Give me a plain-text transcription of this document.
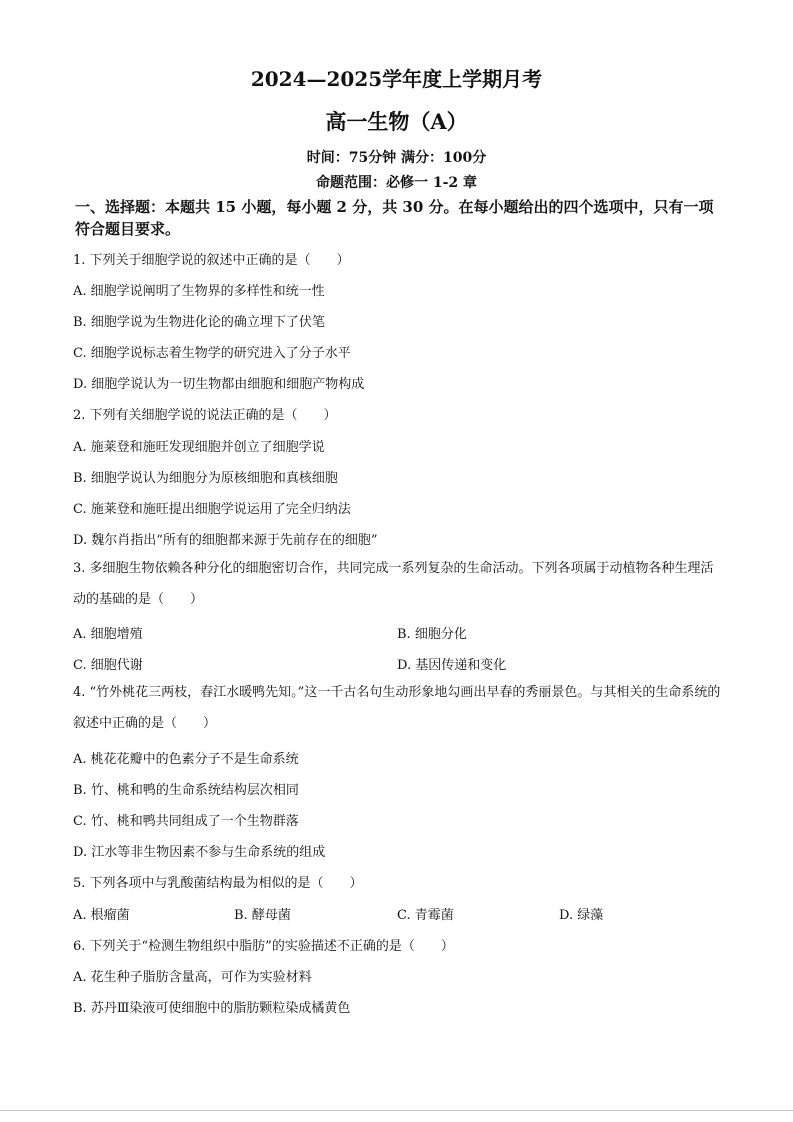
2024—2025学年度上学期月考
高一生物（A）
时间：75分钟 满分：100分
命题范围：必修一 1-2 章
一、选择题：本题共 15 小题，每小题 2 分，共 30 分。在每小题给出的四个选项中，只有一项符合题目要求。
1. 下列关于细胞学说的叙述中正确的是（　　）
A. 细胞学说阐明了生物界的多样性和统一性
B. 细胞学说为生物进化论的确立埋下了伏笔
C. 细胞学说标志着生物学的研究进入了分子水平
D. 细胞学说认为一切生物都由细胞和细胞产物构成
2. 下列有关细胞学说的说法正确的是（　　）
A. 施莱登和施旺发现细胞并创立了细胞学说
B. 细胞学说认为细胞分为原核细胞和真核细胞
C. 施莱登和施旺提出细胞学说运用了完全归纳法
D. 魏尔肖指出“所有的细胞都来源于先前存在的细胞”
3. 多细胞生物依赖各种分化的细胞密切合作，共同完成一系列复杂的生命活动。下列各项属于动植物各种生理活动的基础的是（　　）
A. 细胞增殖	B. 细胞分化
C. 细胞代谢	D. 基因传递和变化
4. “竹外桃花三两枝，春江水暖鸭先知。”这一千古名句生动形象地勾画出早春的秀丽景色。与其相关的生命系统的叙述中正确的是（　　）
A. 桃花花瓣中的色素分子不是生命系统
B. 竹、桃和鸭的生命系统结构层次相同
C. 竹、桃和鸭共同组成了一个生物群落
D. 江水等非生物因素不参与生命系统的组成
5. 下列各项中与乳酸菌结构最为相似的是（　　）
A. 根瘤菌	B. 酵母菌	C. 青霉菌	D. 绿藻
6. 下列关于“检测生物组织中脂肪”的实验描述不正确的是（　　）
A. 花生种子脂肪含量高，可作为实验材料
B. 苏丹Ⅲ染液可使细胞中的脂肪颗粒染成橘黄色
